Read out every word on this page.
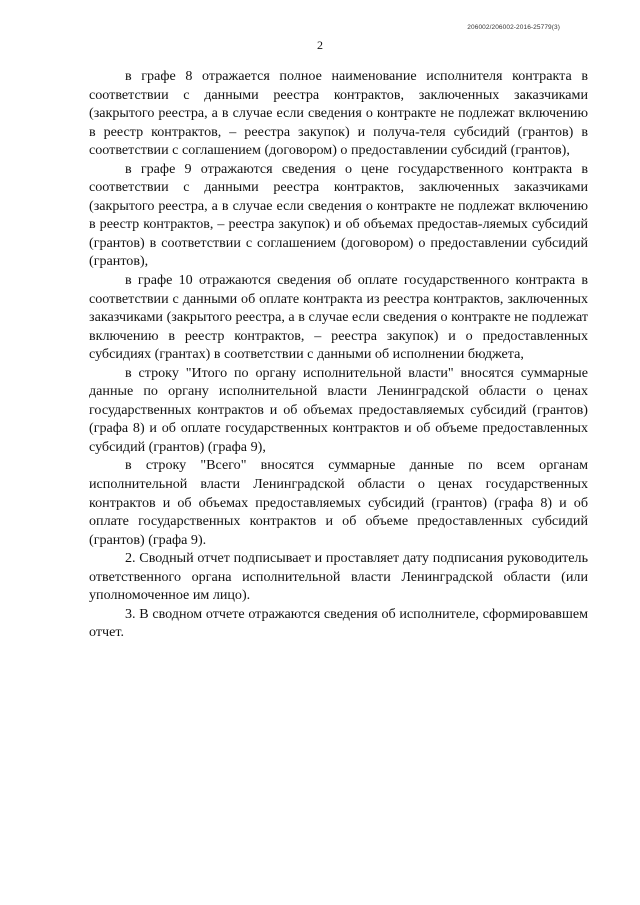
206002/206002-2016-25779(3)
2

в графе 8 отражается полное наименование исполнителя контракта в соответствии с данными реестра контрактов, заключенных заказчиками (закрытого реестра, а в случае если сведения о контракте не подлежат включению в реестр контрактов, – реестра закупок) и получа-теля субсидий (грантов) в соответствии с соглашением (договором) о предоставлении субсидий (грантов),

в графе 9 отражаются сведения о цене государственного контракта в соответствии с данными реестра контрактов, заключенных заказчиками (закрытого реестра, а в случае если сведения о контракте не подлежат включению в реестр контрактов, – реестра закупок) и об объемах предостав-ляемых субсидий (грантов) в соответствии с соглашением (договором) о предоставлении субсидий (грантов),

в графе 10 отражаются сведения об оплате государственного контракта в соответствии с данными об оплате контракта из реестра контрактов, заключенных заказчиками (закрытого реестра, а в случае если сведения о контракте не подлежат включению в реестр контрактов, – реестра закупок) и о предоставленных субсидиях (грантах) в соответствии с данными об исполнении бюджета,

в строку "Итого по органу исполнительной власти" вносятся суммарные данные по органу исполнительной власти Ленинградской области о ценах государственных контрактов и об объемах предоставляемых субсидий (грантов) (графа 8) и об оплате государственных контрактов и об объеме предоставленных субсидий (грантов) (графа 9),

в строку "Всего" вносятся суммарные данные по всем органам исполнительной власти Ленинградской области о ценах государственных контрактов и об объемах предоставляемых субсидий (грантов) (графа 8) и об оплате государственных контрактов и об объеме предоставленных субсидий (грантов) (графа 9).

2. Сводный отчет подписывает и проставляет дату подписания руководитель ответственного органа исполнительной власти Ленинградской области (или уполномоченное им лицо).

3. В сводном отчете отражаются сведения об исполнителе, сформировавшем отчет.
